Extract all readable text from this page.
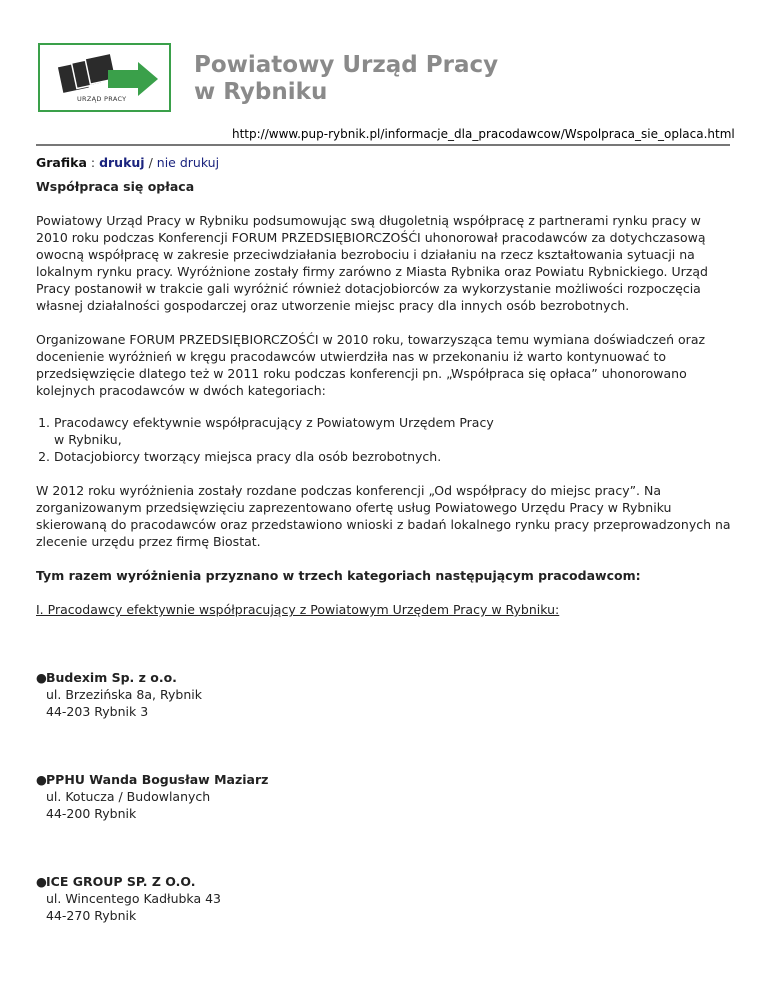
URZĄD PRACY
Powiatowy Urząd Pracy
w Rybniku
http://www.pup-rybnik.pl/informacje_dla_pracodawcow/Wspolpraca_sie_oplaca.html
Grafika : drukuj / nie drukuj

Współpraca się opłaca

Powiatowy Urząd Pracy w Rybniku podsumowując swą długoletnią współpracę z partnerami rynku pracy w 2010 roku podczas Konferencji FORUM PRZEDSIĘBIORCZOŚĆI uhonorował pracodawców za dotychczasową owocną współpracę w zakresie przeciwdziałania bezrobociu i działaniu na rzecz kształtowania sytuacji na lokalnym rynku pracy. Wyróżnione zostały firmy zarówno z Miasta Rybnika oraz Powiatu Rybnickiego. Urząd Pracy postanowił w trakcie gali wyróżnić również dotacjobiorców za wykorzystanie możliwości rozpoczęcia własnej działalności gospodarczej oraz utworzenie miejsc pracy dla innych osób bezrobotnych.

Organizowane FORUM PRZEDSIĘBIORCZOŚĆI w 2010 roku, towarzysząca temu wymiana doświadczeń oraz docenienie wyróżnień w kręgu pracodawców utwierdziła nas w przekonaniu iż warto kontynuować to przedsięwzięcie dlatego też w 2011 roku podczas konferencji pn. „Współpraca się opłaca” uhonorowano kolejnych pracodawców w dwóch kategoriach:

1. Pracodawcy efektywnie współpracujący z Powiatowym Urzędem Pracy w Rybniku,
2. Dotacjobiorcy tworzący miejsca pracy dla osób bezrobotnych.

W 2012 roku wyróżnienia zostały rozdane podczas konferencji „Od współpracy do miejsc pracy”. Na zorganizowanym przedsięwzięciu zaprezentowano ofertę usług Powiatowego Urzędu Pracy w Rybniku skierowaną do pracodawców oraz przedstawiono wnioski z badań lokalnego rynku pracy przeprowadzonych na zlecenie urzędu przez firmę Biostat.

Tym razem wyróżnienia przyznano w trzech kategoriach następującym pracodawcom:

I. Pracodawcy efektywnie współpracujący z Powiatowym Urzędem Pracy w Rybniku:

● Budexim Sp. z o.o.
ul. Brzezińska 8a, Rybnik
44-203 Rybnik 3
● PPHU Wanda Bogusław Maziarz
ul. Kotucza / Budowlanych
44-200 Rybnik
● ICE GROUP SP. Z O.O.
ul. Wincentego Kadłubka 43
44-270 Rybnik
